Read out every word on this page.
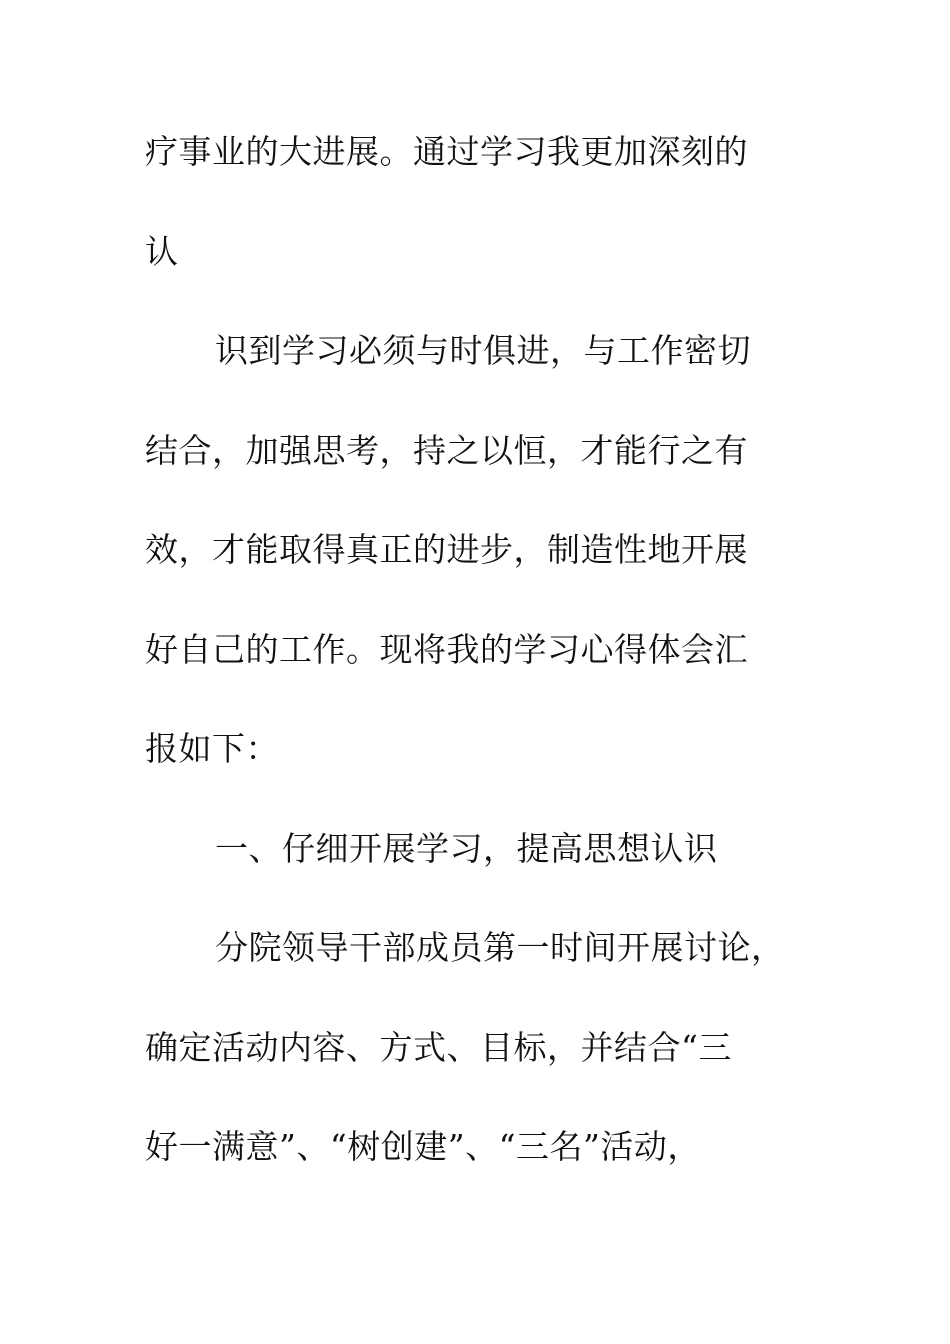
疗事业的大进展。通过学习我更加深刻的
认
识到学习必须与时俱进，与工作密切
结合，加强思考，持之以恒，才能行之有
效，才能取得真正的进步，制造性地开展
好自己的工作。现将我的学习心得体会汇
报如下：
一、仔细开展学习，提高思想认识
分院领导干部成员第一时间开展讨论，
确定活动内容、方式、目标，并结合“三
好一满意”、“树创建”、“三名”活动，
